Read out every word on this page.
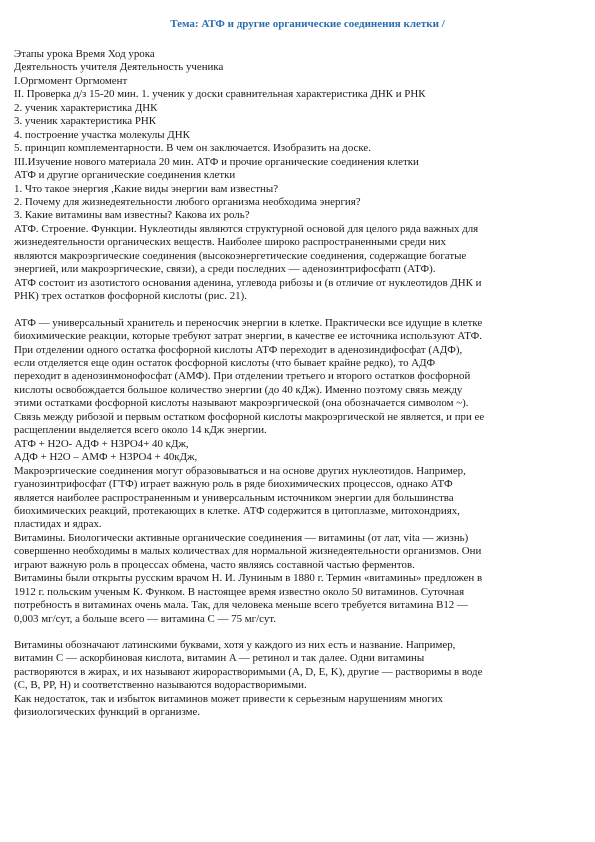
Тема: АТФ и другие органические соединения клетки /
Этапы урока Время Ход урока
Деятельность учителя Деятельность ученика
I.Оргмомент Оргмомент
II. Проверка д/з 15-20 мин. 1. ученик у доски сравнительная характеристика ДНК и РНК
2. ученик характеристика ДНК
3. ученик характеристика РНК
4. построение участка молекулы ДНК
5. принцип комплементарности. В чем он заключается. Изобразить на доске.
III.Изучение нового материала 20 мин. АТФ и прочие органические соединения клетки
АТФ и другие органические соединения клетки
1. Что такое энергия ,Какие виды энергии вам известны?
2. Почему для жизнедеятельности любого организма необходима энергия?
3. Какие витамины вам известны? Какова их роль?
АТФ. Строение. Функции. Нуклеотиды являются структурной основой для целого ряда важных для
жизнедеятельности органических веществ. Наиболее широко распространенными среди них
являются макроэргические соединения (высокоэнергетические соединения, содержащие богатые
энергией, или макроэргические, связи), а среди последних — аденозинтрифосфатп (АТФ).
АТФ состоит из азотистого основания аденина, углевода рибозы и (в отличие от нуклеотидов ДНК и
РНК) трех остатков фосфорной кислоты (рис. 21).
АТФ — универсальный хранитель и переносчик энергии в клетке. Практически все идущие в клетке
биохимические реакции, которые требуют затрат энергии, в качестве ее источника используют АТФ.
При отделении одного остатка фосфорной кислоты АТФ переходит в аденозиндифосфат (АДФ),
если отделяется еще один остаток фосфорной кислоты (что бывает крайне редко), то АДФ
переходит в аденозинмонофосфат (АМФ). При отделении третьего и второго остатков фосфорной
кислоты освобождается большое количество энергии (до 40 кДж). Именно поэтому связь между
этими остатками фосфорной кислоты называют макроэргической (она обозначается символом ~).
Связь между рибозой и первым остатком фосфорной кислоты макроэргической не является, и при ее
расщеплении выделяется всего около 14 кДж энергии.
АТФ + H2O- АДФ + H3PO4+ 40 кДж,
АДФ + H2O – АМФ + H3PO4 + 40кДж,
Макроэргические соединения могут образовываться и на основе других нуклеотидов. Например,
гуанозинтрифосфат (ГТФ) играет важную роль в ряде биохимических процессов, однако АТФ
является наиболее распространенным и универсальным источником энергии для большинства
биохимических реакций, протекающих в клетке. АТФ содержится в цитоплазме, митохондриях,
пластидах и ядрах.
Витамины. Биологически активные органические соединения — витамины (от лат, vita — жизнь)
совершенно необходимы в малых количествах для нормальной жизнедеятельности организмов. Они
играют важную роль в процессах обмена, часто являясь составной частью ферментов.
Витамины были открыты русским врачом Н. И. Луниным в 1880 г. Термин «витамины» предложен в
1912 г. польским ученым К. Функом. В настоящее время известно около 50 витаминов. Суточная
потребность в витаминах очень мала. Так, для человека меньше всего требуется витамина B12 —
0,003 мг/сут, а больше всего — витамина C — 75 мг/сут.
Витамины обозначают латинскими буквами, хотя у каждого из них есть и название. Например,
витамин C — аскорбиновая кислота, витамин A — ретинол и так далее. Одни витамины
растворяются в жирах, и их называют жирорастворимыми (A, D, E, K), другие — растворимы в воде
(C, B, PP, H) и соответственно называются водорастворимыми.
Как недостаток, так и избыток витаминов может привести к серьезным нарушениям многих
физиологических функций в организме.
